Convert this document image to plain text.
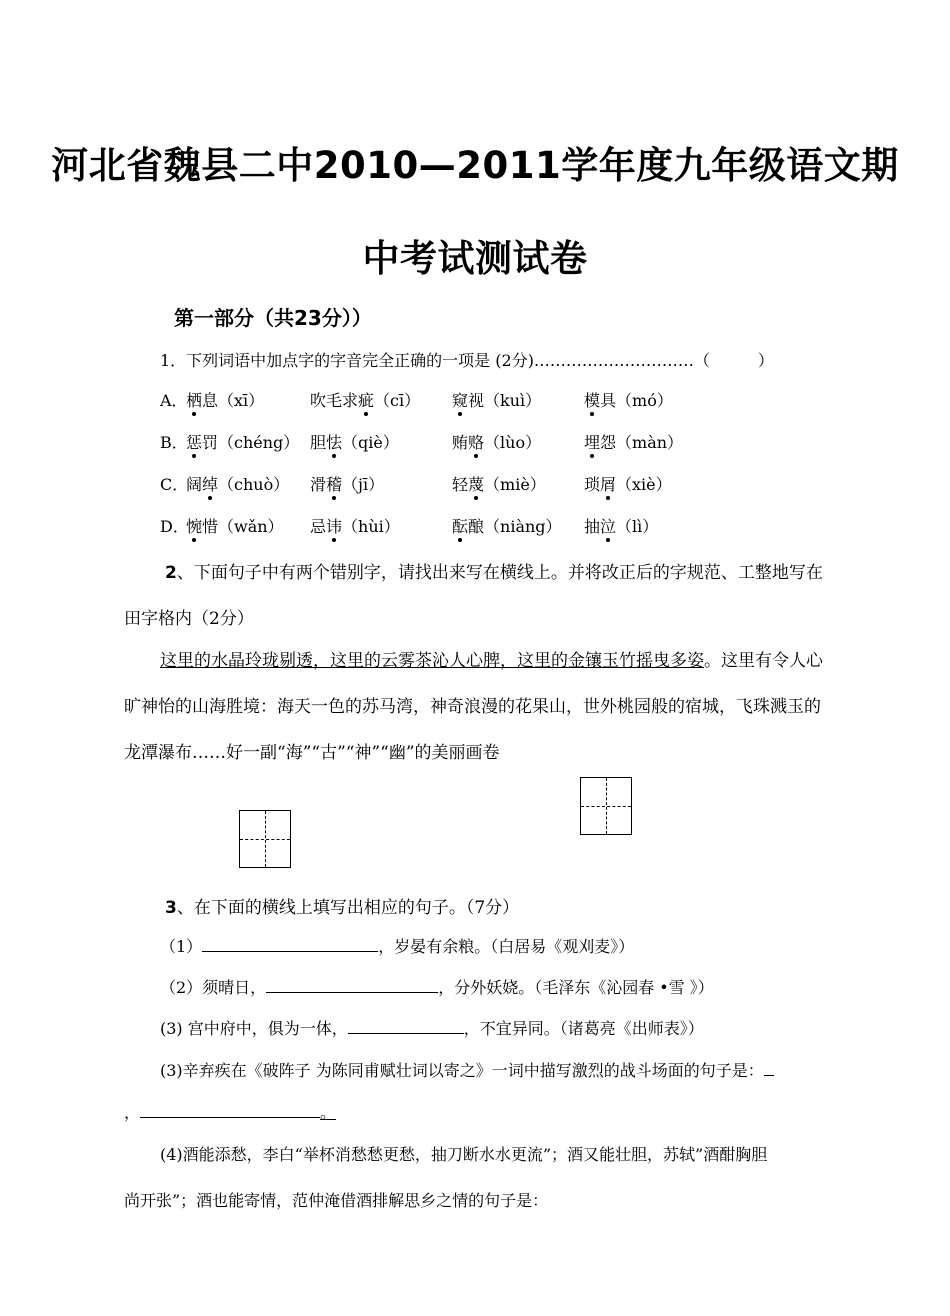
河北省魏县二中2010—2011学年度九年级语文期
中考试测试卷
第一部分（共23分））
1．下列词语中加点字的字音完全正确的一项是 (2分)…………………………（　　　）
A．
栖息（xī）	吹毛求疵（cī） 窥视（kuì）	模具（mó）
B．
惩罚（chéng） 胆怯（qiè）	贿赂（lùo）	埋怨（màn）
C．
阔绰（chuò） 滑稽（jī）	轻蔑（miè） 琐屑（xiè）
D．
惋惜（wǎn） 忌讳（hùi）	酝酿（niàng） 抽泣（lì）
2、下面句子中有两个错别字，请找出来写在横线上。并将改正后的字规范、工整地写在
田字格内（2分）
这里的水晶玲珑剔透，这里的云雾茶沁人心脾，这里的金镶玉竹摇曳多姿。这里有令人心
旷神怡的山海胜境：海天一色的苏马湾，神奇浪漫的花果山，世外桃园般的宿城，飞珠溅玉的
龙潭瀑布……好一副“海”“古”“神”“幽”的美丽画卷
3、在下面的横线上填写出相应的句子。（7分）
（1）	，岁晏有余粮。（白居易《观刈麦》）
（2）须晴日，	，分外妖娆。（毛泽东《沁园春 •雪 》）
(3) 宫中府中，俱为一体，	，不宜异同。（诸葛亮《出师表》）
(3)辛弃疾在《破阵子 为陈同甫赋壮词以寄之》一词中描写激烈的战斗场面的句子是：
，	。
(4)酒能添愁，李白“举杯消愁愁更愁，抽刀断水水更流”；酒又能壮胆，苏轼”酒酣胸胆
尚开张”；酒也能寄情，范仲淹借酒排解思乡之情的句子是：
